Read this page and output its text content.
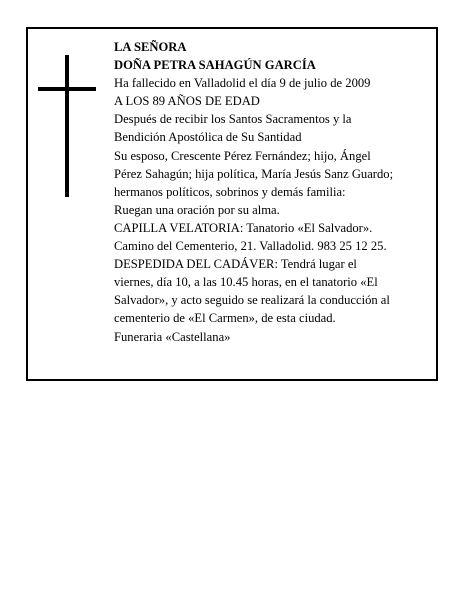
LA SEÑORA
DOÑA PETRA SAHAGÚN GARCÍA
Ha fallecido en Valladolid el día 9 de julio de 2009
A LOS 89 AÑOS DE EDAD
Después de recibir los Santos Sacramentos y la
Bendición Apostólica de Su Santidad
Su esposo, Crescente Pérez Fernández; hijo, Ángel
Pérez Sahagún; hija política, María Jesús Sanz Guardo;
hermanos políticos, sobrinos y demás familia:
Ruegan una oración por su alma.
CAPILLA VELATORIA: Tanatorio «El Salvador».
Camino del Cementerio, 21. Valladolid. 983 25 12 25.
DESPEDIDA DEL CADÁVER: Tendrá lugar el
viernes, día 10, a las 10.45 horas, en el tanatorio «El
Salvador», y acto seguido se realizará la conducción al
cementerio de «El Carmen», de esta ciudad.
Funeraria «Castellana»
